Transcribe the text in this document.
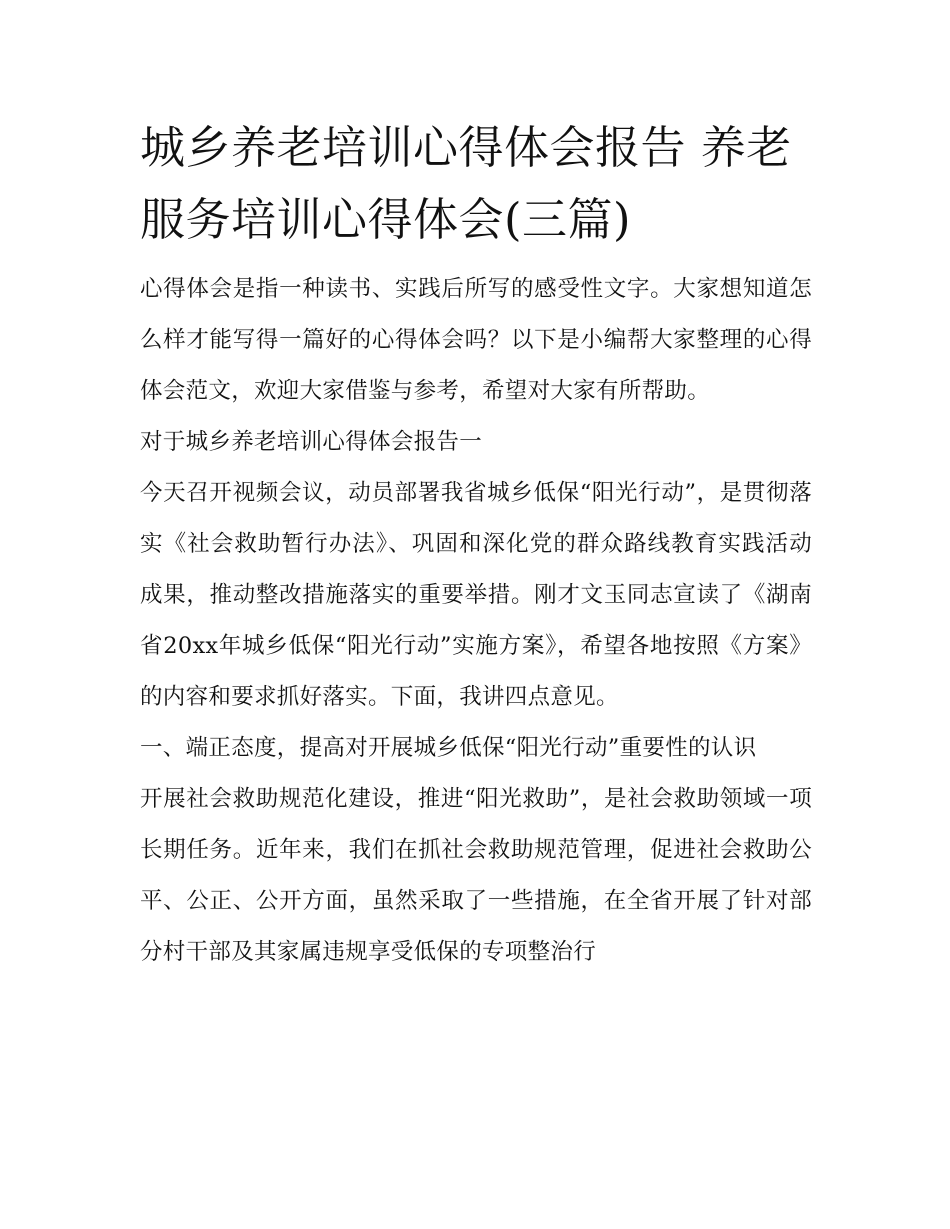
城乡养老培训心得体会报告 养老服务培训心得体会(三篇)

心得体会是指一种读书、实践后所写的感受性文字。大家想知道怎么样才能写得一篇好的心得体会吗？以下是小编帮大家整理的心得体会范文，欢迎大家借鉴与参考，希望对大家有所帮助。

对于城乡养老培训心得体会报告一

今天召开视频会议，动员部署我省城乡低保“阳光行动”，是贯彻落实《社会救助暂行办法》、巩固和深化党的群众路线教育实践活动成果，推动整改措施落实的重要举措。刚才文玉同志宣读了《湖南省20xx年城乡低保“阳光行动”实施方案》，希望各地按照《方案》的内容和要求抓好落实。下面，我讲四点意见。

一、端正态度，提高对开展城乡低保“阳光行动”重要性的认识

开展社会救助规范化建设，推进“阳光救助”，是社会救助领域一项长期任务。近年来，我们在抓社会救助规范管理，促进社会救助公平、公正、公开方面，虽然采取了一些措施，在全省开展了针对部分村干部及其家属违规享受低保的专项整治行
